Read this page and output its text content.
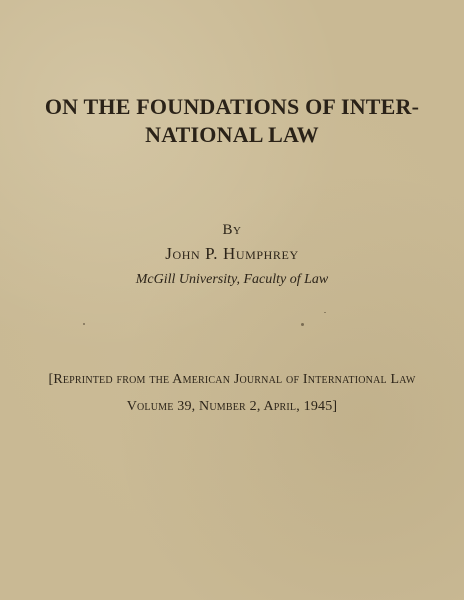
ON THE FOUNDATIONS OF INTER-
NATIONAL LAW
By
John P. Humphrey
McGill University, Faculty of Law
[Reprinted from the American Journal of International Law
Volume 39, Number 2, April, 1945]
